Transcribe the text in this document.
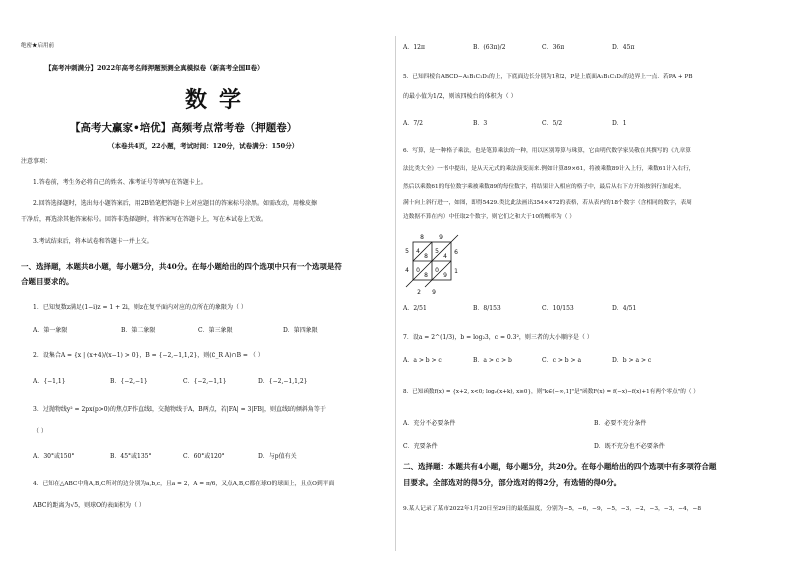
绝密★启用前
【高考冲刺满分】2022年高考名师押题预测全真模拟卷（新高考全国Ⅱ卷）
数学
【高考大赢家•培优】高频考点常考卷（押题卷）
（本卷共4页，22小题，考试时间：120分，试卷满分：150分）
注意事项：
1.答卷前，考生务必将自己的姓名、准考证号等填写在答题卡上。
2.回答选择题时，选出每小题答案后，用2B铅笔把答题卡上对应题目的答案标号涂黑。如需改动，用橡皮擦
干净后，再选涂其他答案标号。回答非选择题时，将答案写在答题卡上，写在本试卷上无效。
3.考试结束后，将本试卷和答题卡一并上交。
一、选择题，本题共8小题，每小题5分，共40分。在每小题给出的四个选项中只有一个选项是符
合题目要求的。
1．已知复数z满足(1−i)z = 1 + 2i，则z在复平面内对应的点所在的象限为（ ）
A．第一象限	B．第二象限	C．第三象限	D．第四象限
2．设集合A = {x | (x+4)/(x−1) > 0}，B = {−2,−1,1,2}，则(∁_R A)∩B = （ ）
A．{−1,1}	B．{−2,−1}	C．{−2,−1,1}	D．{−2,−1,1,2}
3．过抛物线y² = 2px(p>0)的焦点F作直线l，交抛物线于A，B两点，若|FA| = 3|FB|，则直线l的倾斜角等于
（ ）
A．30°或150°	B．45°或135°	C．60°或120°	D．与p值有关
4．已知在△ABC中角A,B,C所对的边分别为a,b,c，且a = 2，A = π/6，又点A,B,C都在球O的球面上，且点O到平面
ABC的距离为√5，则球O的表面积为（ ）
A．12π	B．(63π)/2	C．36π	D．45π
5．已知四棱台ABCD−A₁B₁C₁D₁的上，下底面边长分别为1和2，P是上底面A₁B₁C₁D₁的边界上一点．若PA + PB
的最小值为1/2，则该四棱台的体积为（ ）
A．7/2	B．3	C．5/2	D．1
6．写算，是一种格子乘法，也是笔算乘法的一种，用以区别筹算与珠算，它由明代数学家吴敬在其撰写的《九章算
法比类大全》一书中提出，是从天元式的乘法演变而来.例如计算89×61，将被乘数89计入上行，乘数61计入右行，
然后以乘数61的每位数字乘被乘数89的每位数字，将结果计入相应的格子中，最后从右下方开始按斜行加起来，
满十向上斜行进一，如图，即得5429.类比此法画出354×472的表格，若从表内的18个数字（含相同的数字，表周
边数据不算在内）中任取2个数字，则它们之和大于10的概率为（ ）
8	9
6
1
5
4
2 9
4
8
5
4
0
8
0
9
A．2/51	B．8/153	C．10/153	D．4/51
7．设a = 2^(1/3)，b = log₂3，c = 0.3²，则三者的大小顺序是（ ）
A．a > b > c	B．a > c > b	C．c > b > a	D．b > a > c
8．已知函数f(x) = {x+2, x<0; log₂(x+k), x≥0}，则"k∈(−∞,1]"是"函数F(x) = f(−x)−f(x)+1有两个零点"的（ ）
A．充分不必要条件	B．必要不充分条件
C．充要条件	D．既不充分也不必要条件
二、选择题：本题共有4小题，每小题5分，共20分。在每小题给出的四个选项中有多项符合题
目要求。全部选对的得5分，部分选对的得2分，有选错的得0分。
9.某人记录了某市2022年1月20日至29日的最低温度，分别为−5，−6，−9，−5，−3，−2，−3，−3，−4，−8
